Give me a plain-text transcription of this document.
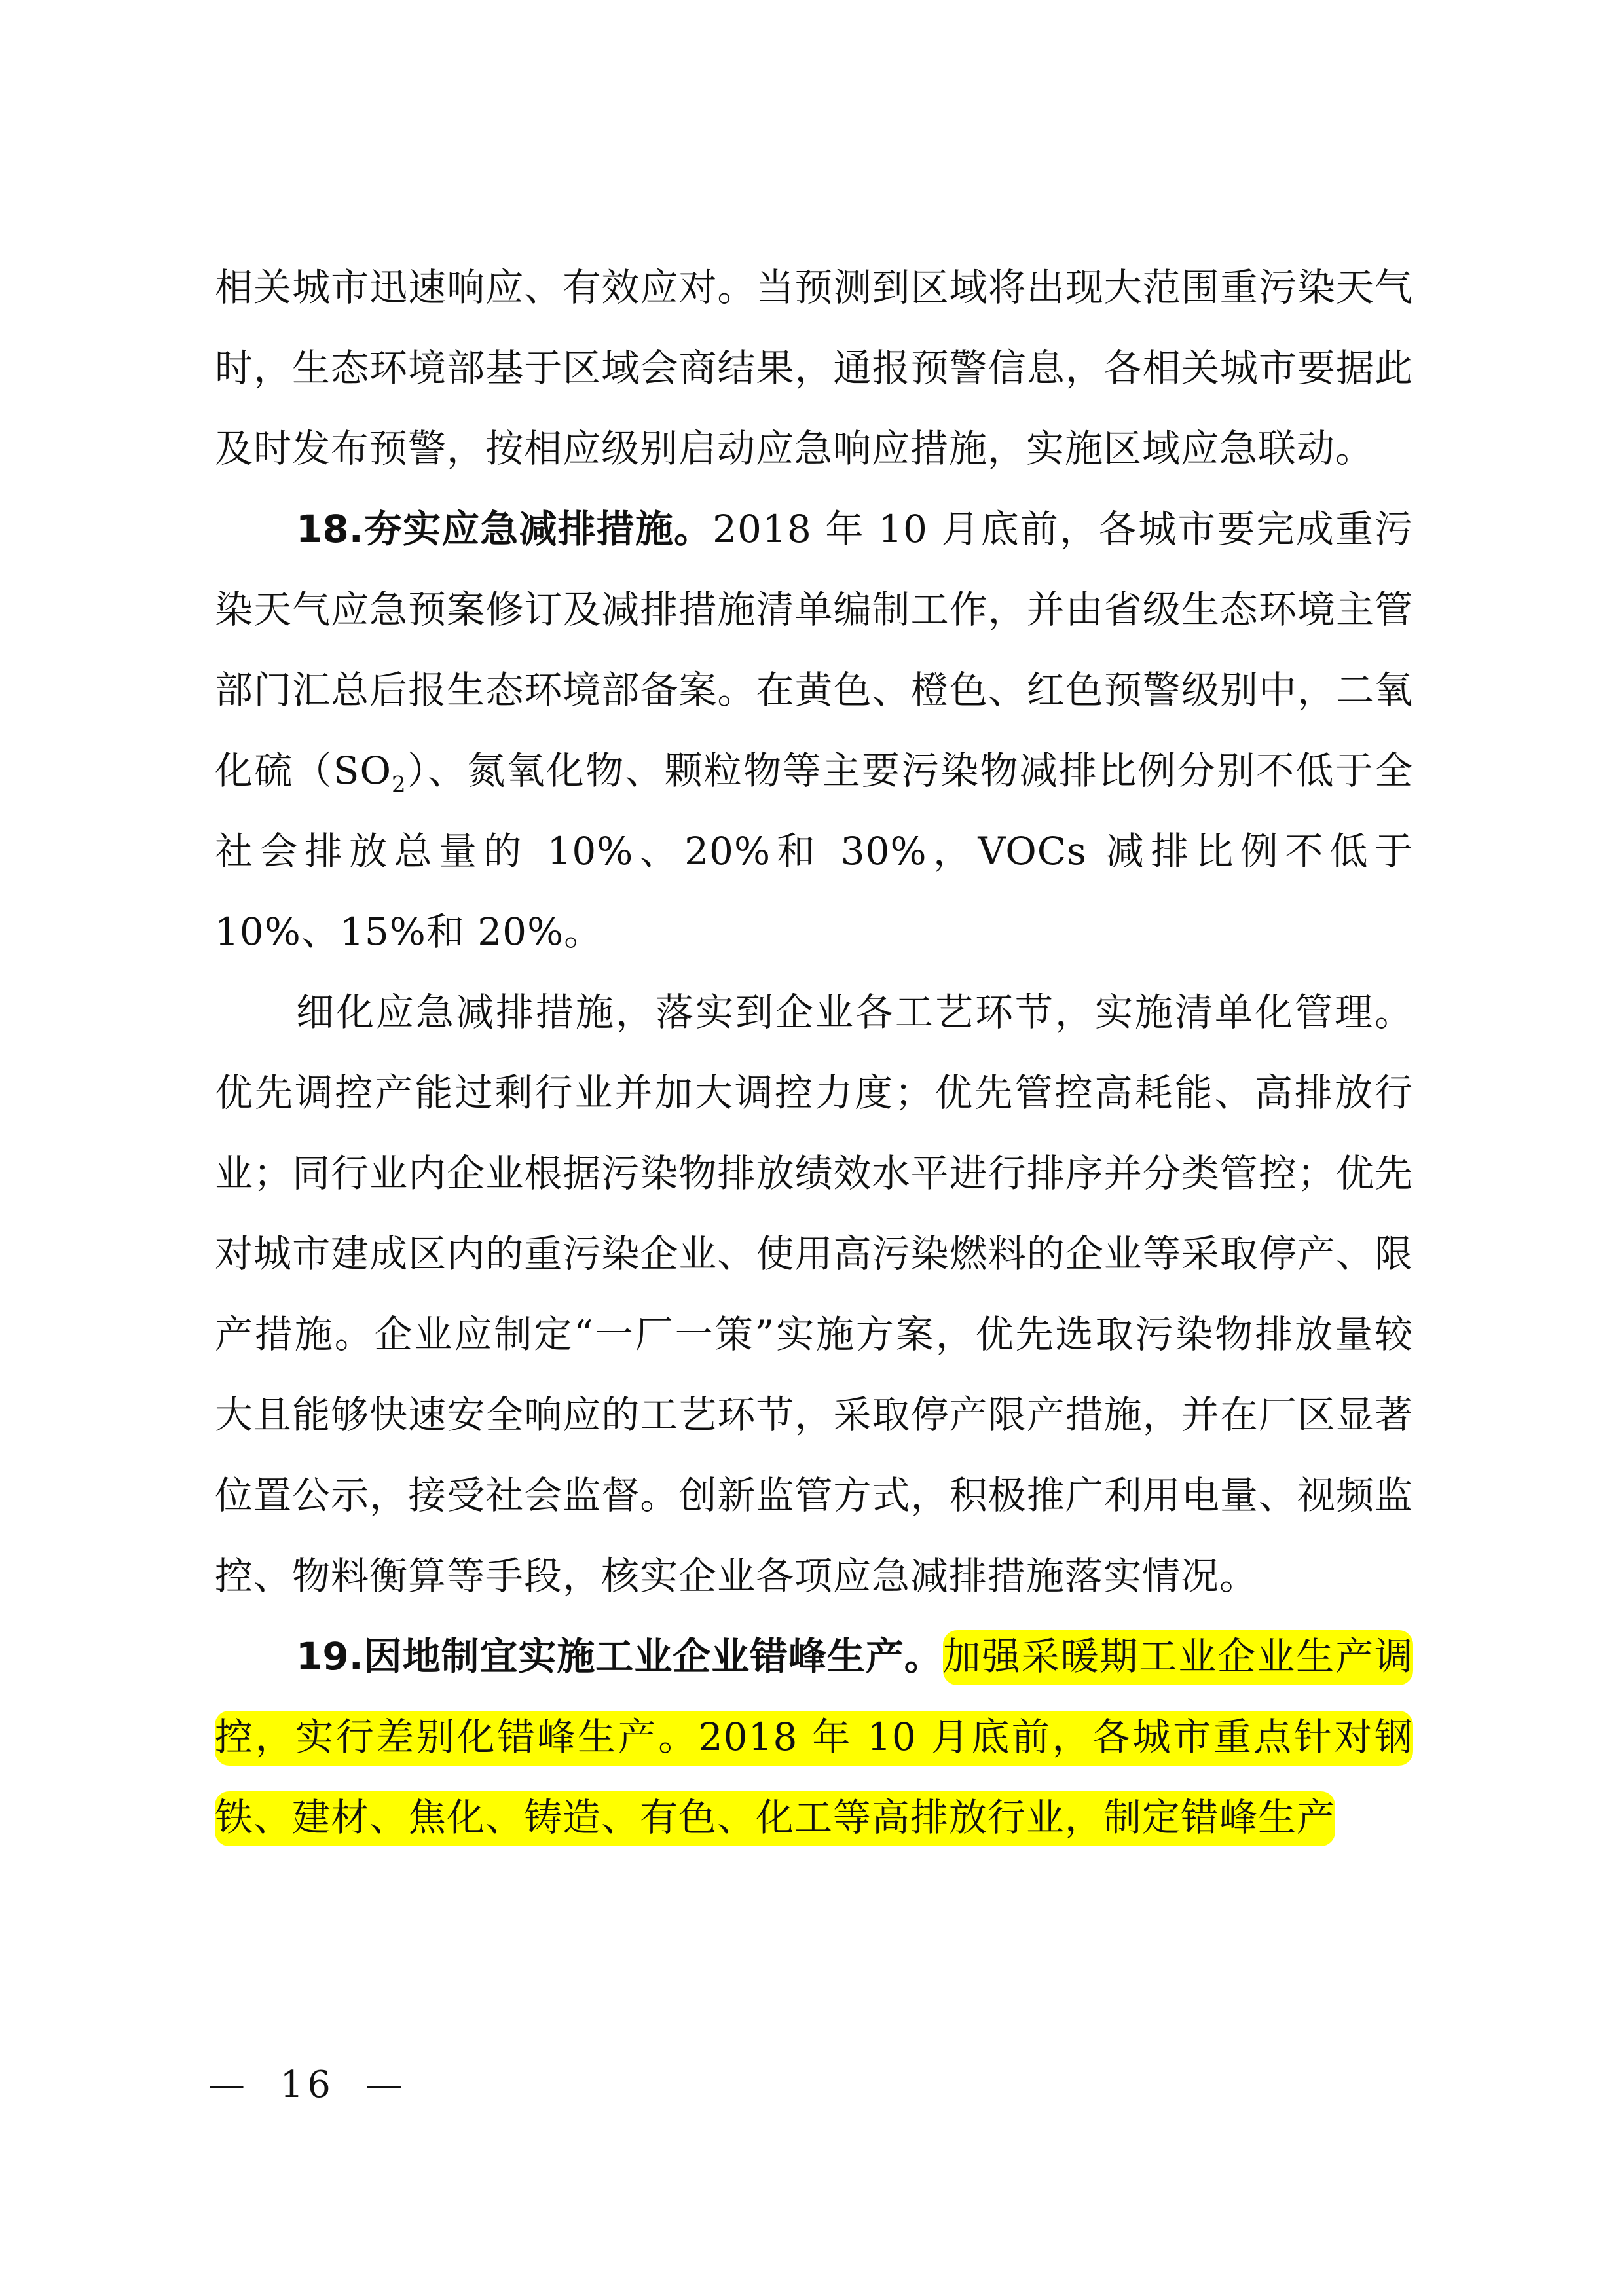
相关城市迅速响应、有效应对。当预测到区域将出现大范围重污染天气时，生态环境部基于区域会商结果，通报预警信息，各相关城市要据此及时发布预警，按相应级别启动应急响应措施，实施区域应急联动。

18.夯实应急减排措施。2018 年 10 月底前，各城市要完成重污染天气应急预案修订及减排措施清单编制工作，并由省级生态环境主管部门汇总后报生态环境部备案。在黄色、橙色、红色预警级别中，二氧化硫$(SO_2)$、氮氧化物、颗粒物等主要污染物减排比例分别不低于全社会排放总量的 10%、20%和 30%，VOCs 减排比例不低于 10%、15%和 20%。

细化应急减排措施，落实到企业各工艺环节，实施清单化管理。优先调控产能过剩行业并加大调控力度；优先管控高耗能、高排放行业；同行业内企业根据污染物排放绩效水平进行排序并分类管控；优先对城市建成区内的重污染企业、使用高污染燃料的企业等采取停产、限产措施。企业应制定“一厂一策”实施方案，优先选取污染物排放量较大且能够快速安全响应的工艺环节，采取停产限产措施，并在厂区显著位置公示，接受社会监督。创新监管方式，积极推广利用电量、视频监控、物料衡算等手段，核实企业各项应急减排措施落实情况。

19.因地制宜实施工业企业错峰生产。加强采暖期工业企业生产调控，实行差别化错峰生产。2018 年 10 月底前，各城市重点针对钢铁、建材、焦化、铸造、有色、化工等高排放行业，制定错峰生产

—  16  —
